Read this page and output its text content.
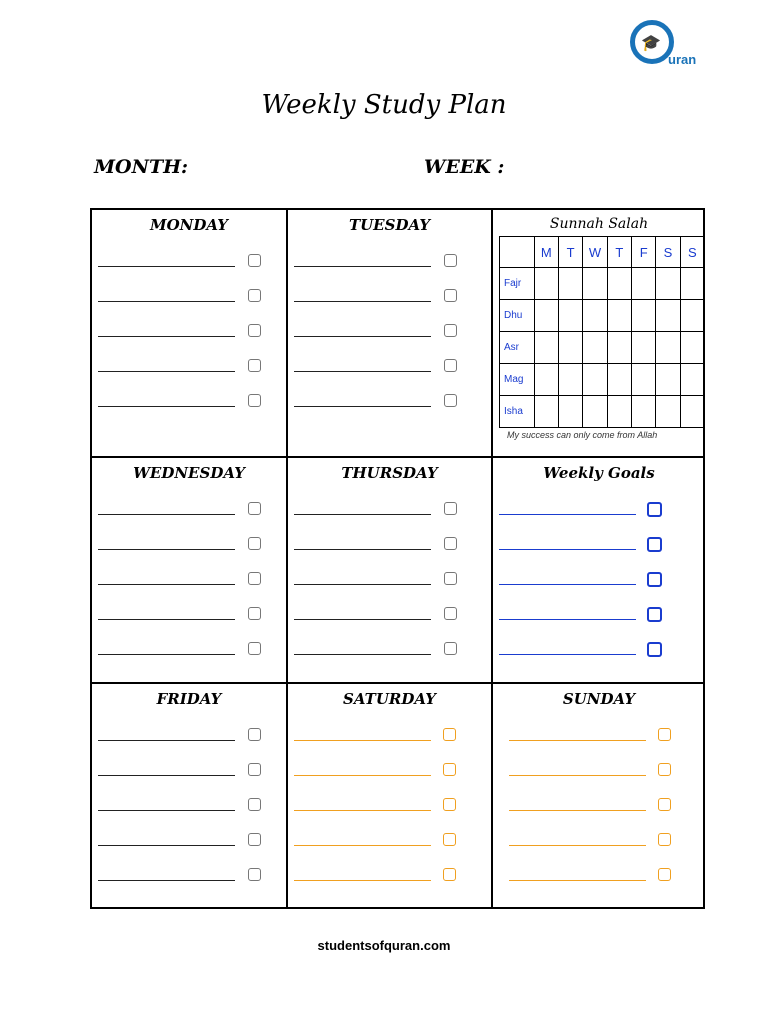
🎓
uran
Weekly Study Plan
MONTH:	WEEK :
MONDAY	TUESDAY	Sunnah Salah
	M	T	W	T	F	S	S
Fajr							
Dhu							
Asr							
Mag							
Isha							
My success can only come from Allah
WEDNESDAY	THURSDAY	Weekly Goals
FRIDAY	SATURDAY	SUNDAY
studentsofquran.com
